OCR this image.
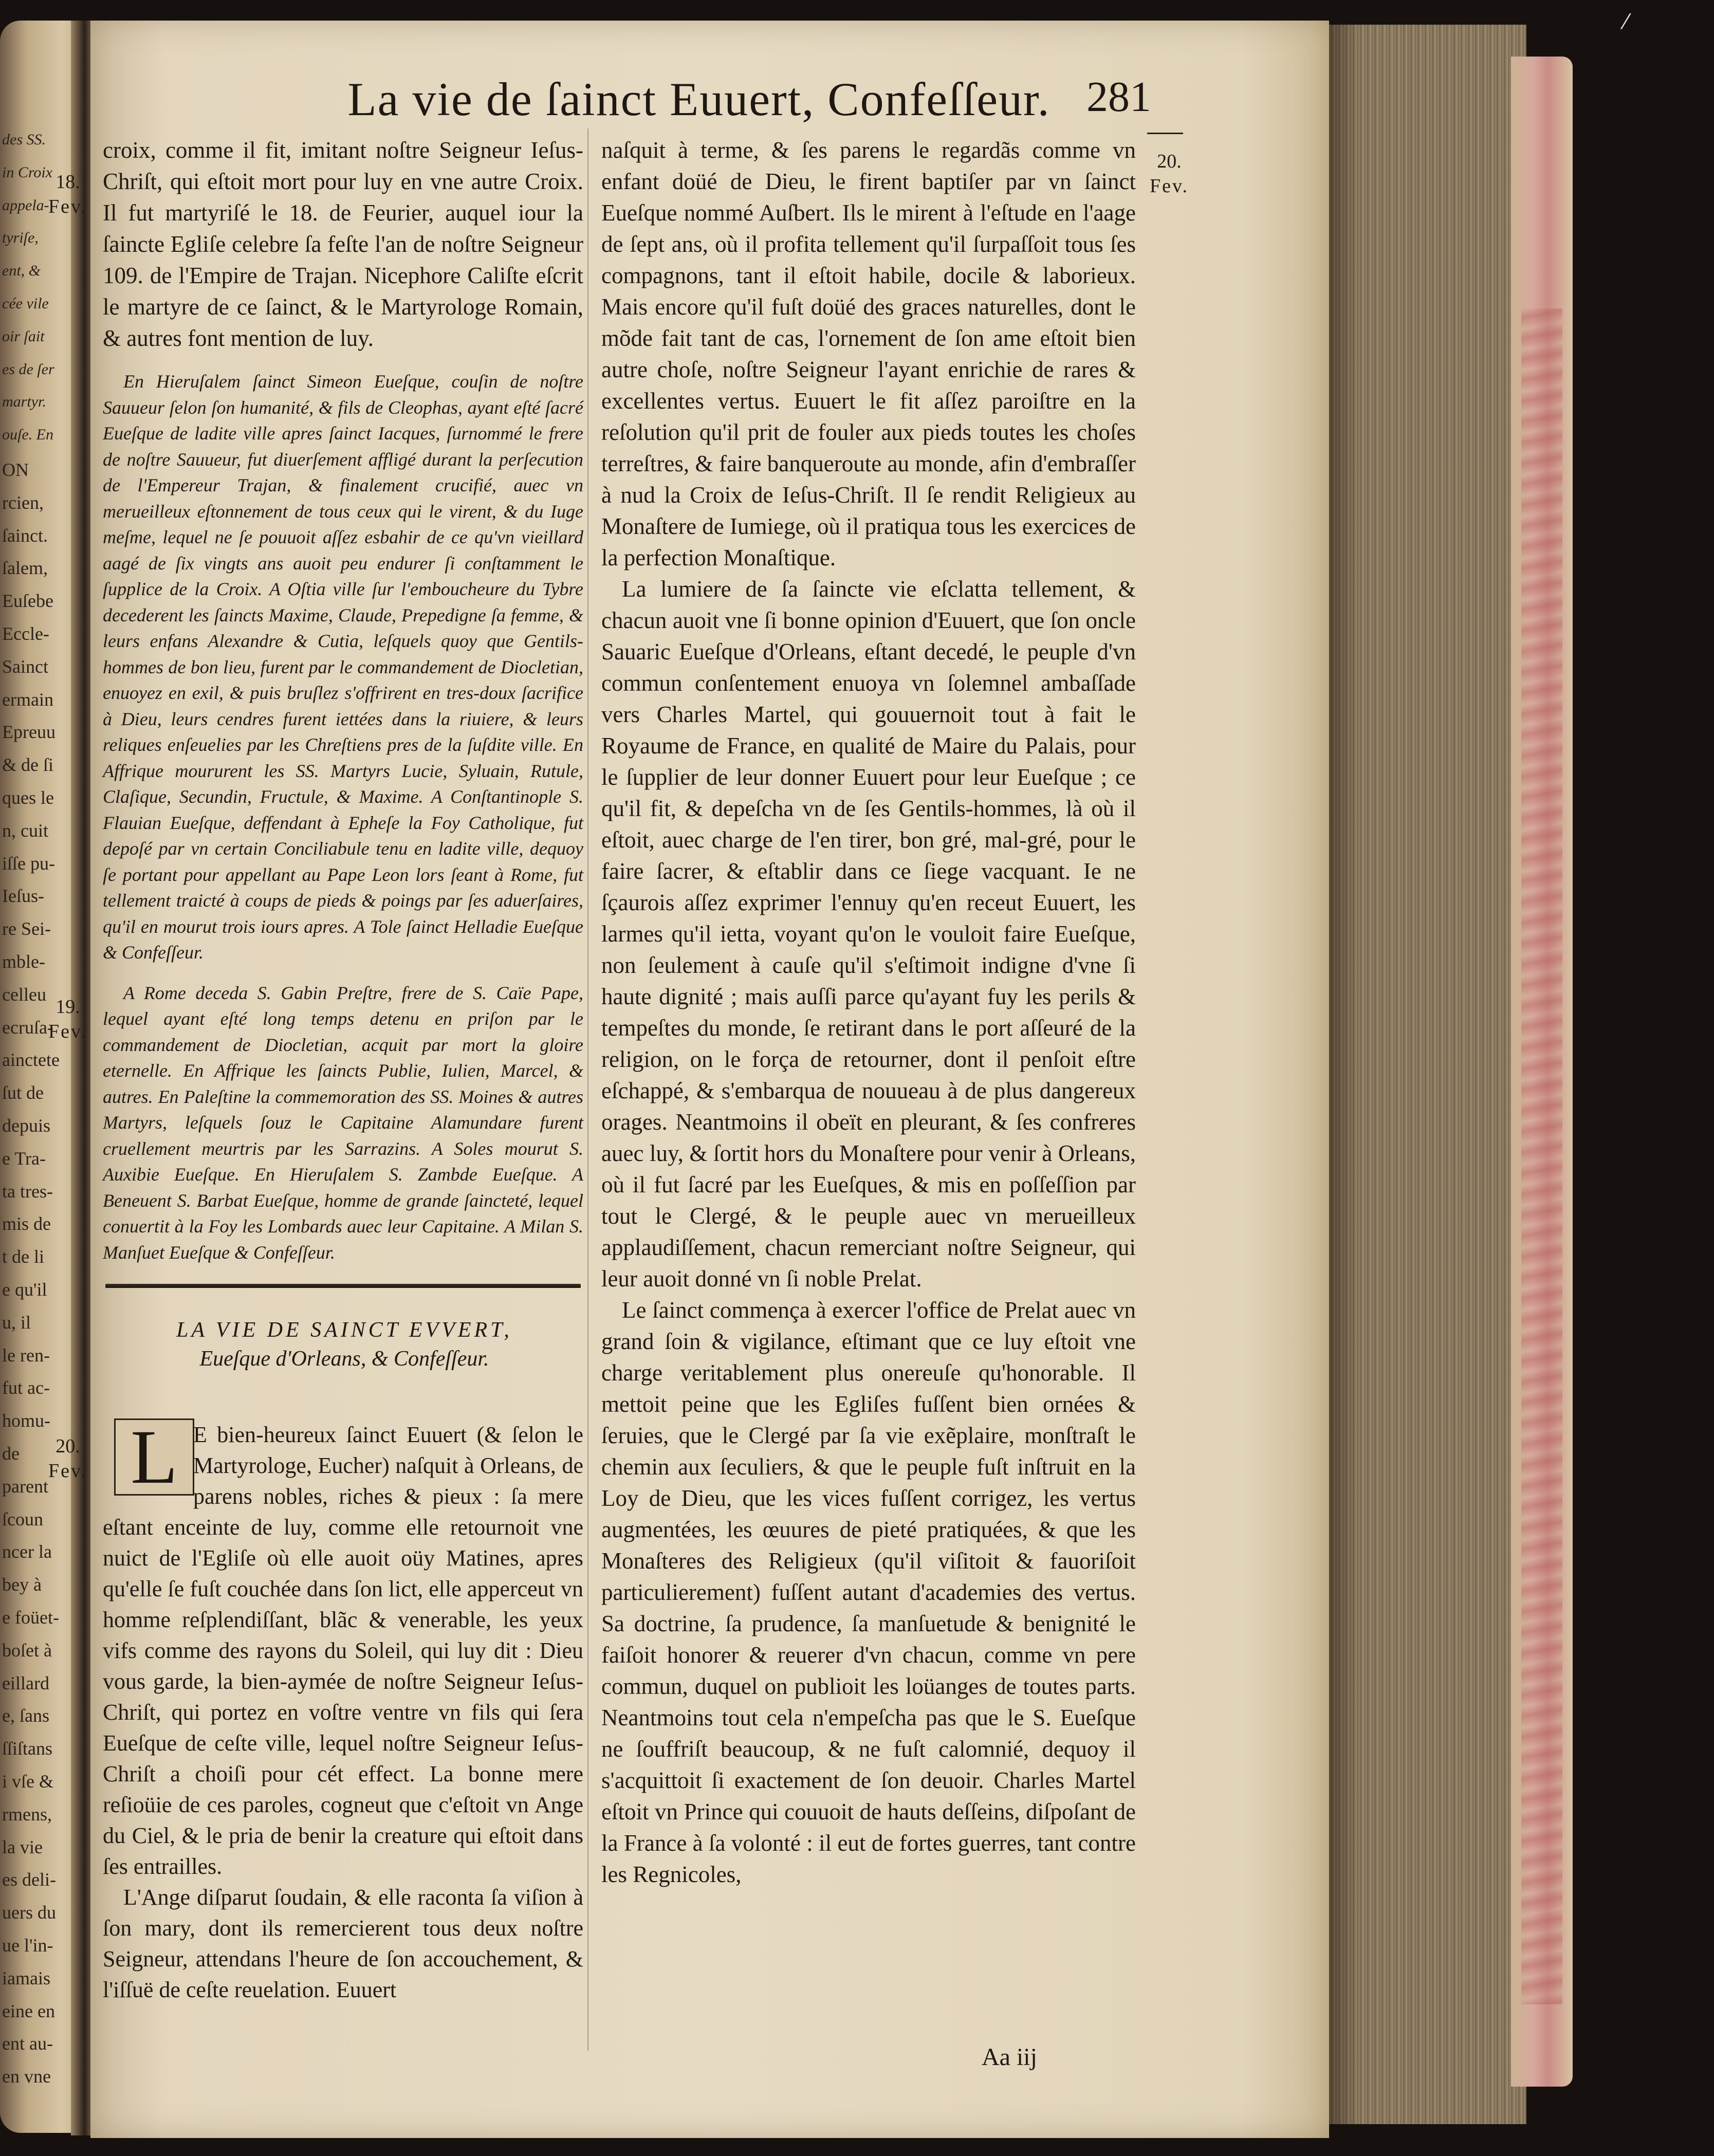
⁄
des SS.
in Croix
appela-
tyriſe,
ent, &
cée vile
oir ſait
es de ſer
martyr.
ouſe. En
ON
rcien,
ſainct.
ſalem,
Euſebe
Eccle-
Sainct
ermain
Epreuu
& de ſi
ques le
n, cuit
iſſe pu-
Ieſus-
re Sei-
mble-
celleu
ecruſa-
ainctete
ſut de
depuis
e Tra-
ta tres-
mis de
t de li
e qu'il
u, il
le ren-
fut ac-
homu-
de
parent
ſcoun
ncer la
bey à
e foüet-
boſet à
eillard
e, ſans
ſſiſtans
i vſe &
rmens,
la vie
es deli-
uers du
ue l'in-
iamais
eine en
ent au-
en vne
La vie de ſainct Euuert, Confeſſeur. 281
18.
Fev.
19.
Fev.
20.
Fev.
20.
Fev.

croix, comme il fit, imitant noſtre Seigneur Ieſus-Chriſt, qui eſtoit mort pour luy en vne autre Croix. Il fut martyriſé le 18. de Feurier, auquel iour la ſaincte Egliſe celebre ſa feſte l'an de noſtre Seigneur 109. de l'Empire de Trajan. Nicephore Caliſte eſcrit le martyre de ce ſainct, & le Martyrologe Romain, & autres font mention de luy.

En Hieruſalem ſainct Simeon Eueſque, couſin de noſtre Sauueur ſelon ſon humanité, & fils de Cleophas, ayant eſté ſacré Eueſque de ladite ville apres ſainct Iacques, ſurnommé le frere de noſtre Sauueur, fut diuerſement affligé durant la perſecution de l'Empereur Trajan, & finalement crucifié, auec vn merueilleux eſtonnement de tous ceux qui le virent, & du Iuge meſme, lequel ne ſe pouuoit aſſez esbahir de ce qu'vn vieillard aagé de ſix vingts ans auoit peu endurer ſi conſtamment le ſupplice de la Croix. A Oſtia ville ſur l'emboucheure du Tybre decederent les ſaincts Maxime, Claude, Prepedigne ſa femme, & leurs enfans Alexandre & Cutia, leſquels quoy que Gentils-hommes de bon lieu, furent par le commandement de Diocletian, enuoyez en exil, & puis bruſlez s'offrirent en tres-doux ſacrifice à Dieu, leurs cendres furent iettées dans la riuiere, & leurs reliques enſeuelies par les Chreſtiens pres de la ſuſdite ville. En Affrique moururent les SS. Martyrs Lucie, Syluain, Rutule, Claſique, Secundin, Fructule, & Maxime. A Conſtantinople S. Flauian Eueſque, deffendant à Epheſe la Foy Catholique, fut depoſé par vn certain Conciliabule tenu en ladite ville, dequoy ſe portant pour appellant au Pape Leon lors ſeant à Rome, fut tellement traicté à coups de pieds & poings par ſes aduerſaires, qu'il en mourut trois iours apres. A Tole ſainct Helladie Eueſque & Confeſſeur.

A Rome deceda S. Gabin Preſtre, frere de S. Caïe Pape, lequel ayant eſté long temps detenu en priſon par le commandement de Diocletian, acquit par mort la gloire eternelle. En Affrique les ſaincts Publie, Iulien, Marcel, & autres. En Paleſtine la commemoration des SS. Moines & autres Martyrs, leſquels ſouz le Capitaine Alamundare furent cruellement meurtris par les Sarrazins. A Soles mourut S. Auxibie Eueſque. En Hieruſalem S. Zambde Eueſque. A Beneuent S. Barbat Eueſque, homme de grande ſaincteté, lequel conuertit à la Foy les Lombards auec leur Capitaine. A Milan S. Manſuet Eueſque & Confeſſeur.

LA VIE DE SAINCT EVVERT,
Eueſque d'Orleans, & Confeſſeur.
L E bien-heureux ſainct Euuert (& ſelon le Martyrologe, Eucher) naſquit à Orleans, de parens nobles, riches & pieux : ſa mere eſtant enceinte de luy, comme elle retournoit vne nuict de l'Egliſe où elle auoit oüy Matines, apres qu'elle ſe fuſt couchée dans ſon lict, elle apperceut vn homme reſplendiſſant, blãc & venerable, les yeux vifs comme des rayons du Soleil, qui luy dit : Dieu vous garde, la bien-aymée de noſtre Seigneur Ieſus-Chriſt, qui portez en voſtre ventre vn fils qui ſera Eueſque de ceſte ville, lequel noſtre Seigneur Ieſus-Chriſt a choiſi pour cét effect. La bonne mere reſioüie de ces paroles, cogneut que c'eſtoit vn Ange du Ciel, & le pria de benir la creature qui eſtoit dans ſes entrailles.

L'Ange diſparut ſoudain, & elle raconta ſa viſion à ſon mary, dont ils remercierent tous deux noſtre Seigneur, attendans l'heure de ſon accouchement, & l'iſſuë de ceſte reuelation. Euuert

naſquit à terme, & ſes parens le regardãs comme vn enfant doüé de Dieu, le firent baptiſer par vn ſainct Eueſque nommé Auſbert. Ils le mirent à l'eſtude en l'aage de ſept ans, où il profita tellement qu'il ſurpaſſoit tous ſes compagnons, tant il eſtoit habile, docile & laborieux. Mais encore qu'il fuſt doüé des graces naturelles, dont le mõde fait tant de cas, l'ornement de ſon ame eſtoit bien autre choſe, noſtre Seigneur l'ayant enrichie de rares & excellentes vertus. Euuert le fit aſſez paroiſtre en la reſolution qu'il prit de fouler aux pieds toutes les choſes terreſtres, & faire banqueroute au monde, afin d'embraſſer à nud la Croix de Ieſus-Chriſt. Il ſe rendit Religieux au Monaſtere de Iumiege, où il pratiqua tous les exercices de la perfection Monaſtique.

La lumiere de ſa ſaincte vie eſclatta tellement, & chacun auoit vne ſi bonne opinion d'Euuert, que ſon oncle Sauaric Eueſque d'Orleans, eſtant decedé, le peuple d'vn commun conſentement enuoya vn ſolemnel ambaſſade vers Charles Martel, qui gouuernoit tout à fait le Royaume de France, en qualité de Maire du Palais, pour le ſupplier de leur donner Euuert pour leur Eueſque ; ce qu'il fit, & depeſcha vn de ſes Gentils-hommes, là où il eſtoit, auec charge de l'en tirer, bon gré, mal-gré, pour le faire ſacrer, & eſtablir dans ce ſiege vacquant. Ie ne ſçaurois aſſez exprimer l'ennuy qu'en receut Euuert, les larmes qu'il ietta, voyant qu'on le vouloit faire Eueſque, non ſeulement à cauſe qu'il s'eſtimoit indigne d'vne ſi haute dignité ; mais auſſi parce qu'ayant fuy les perils & tempeſtes du monde, ſe retirant dans le port aſſeuré de la religion, on le força de retourner, dont il penſoit eſtre eſchappé, & s'embarqua de nouueau à de plus dangereux orages. Neantmoins il obeït en pleurant, & ſes confreres auec luy, & ſortit hors du Monaſtere pour venir à Orleans, où il fut ſacré par les Eueſques, & mis en poſſeſſion par tout le Clergé, & le peuple auec vn merueilleux applaudiſſement, chacun remerciant noſtre Seigneur, qui leur auoit donné vn ſi noble Prelat.

Le ſainct commença à exercer l'office de Prelat auec vn grand ſoin & vigilance, eſtimant que ce luy eſtoit vne charge veritablement plus onereuſe qu'honorable. Il mettoit peine que les Egliſes fuſſent bien ornées & ſeruies, que le Clergé par ſa vie exẽplaire, monſtraſt le chemin aux ſeculiers, & que le peuple fuſt inſtruit en la Loy de Dieu, que les vices fuſſent corrigez, les vertus augmentées, les œuures de pieté pratiquées, & que les Monaſteres des Religieux (qu'il viſitoit & fauoriſoit particulierement) fuſſent autant d'academies des vertus. Sa doctrine, ſa prudence, ſa manſuetude & benignité le faiſoit honorer & reuerer d'vn chacun, comme vn pere commun, duquel on publioit les loüanges de toutes parts. Neantmoins tout cela n'empeſcha pas que le S. Eueſque ne ſouffriſt beaucoup, & ne fuſt calomnié, dequoy il s'acquittoit ſi exactement de ſon deuoir. Charles Martel eſtoit vn Prince qui couuoit de hauts deſſeins, diſpoſant de la France à ſa volonté : il eut de fortes guerres, tant contre les Regnicoles,

Aa iij
